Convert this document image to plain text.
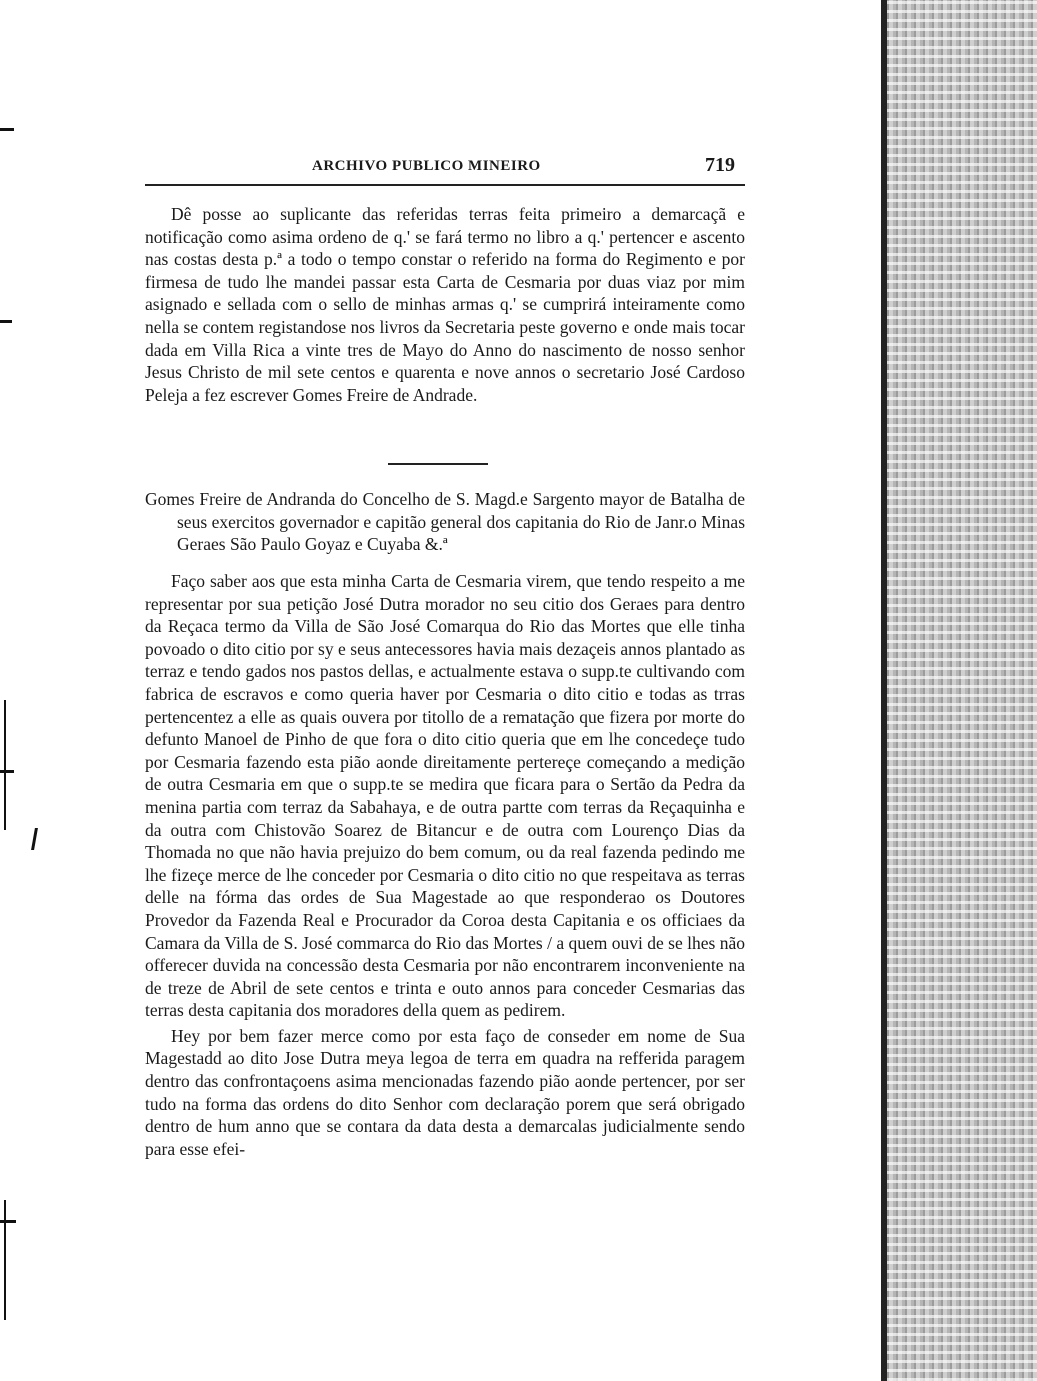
ARCHIVO PUBLICO MINEIRO	719

Dê posse ao suplicante das referidas terras feita primeiro a demarcaçã e notificação como asima ordeno de q.' se fará termo no libro a q.' pertencer e ascento nas costas desta p.ª a todo o tempo constar o referido na forma do Regimento e por firmesa de tudo lhe mandei passar esta Carta de Cesmaria por duas viaz por mim asignado e sellada com o sello de minhas armas q.' se cumprirá inteiramente como nella se contem registandose nos livros da Secretaria peste governo e onde mais tocar dada em Villa Rica a vinte tres de Mayo do Anno do nascimento de nosso senhor Jesus Christo de mil sete centos e quarenta e nove annos o secretario José Cardoso Peleja a fez escrever Gomes Freire de Andrade.

Gomes Freire de Andranda do Concelho de S. Magd.e Sargento mayor de Batalha de seus exercitos governador e capitão general dos capitania do Rio de Janr.o Minas Geraes São Paulo Goyaz e Cuyaba &.ª

Faço saber aos que esta minha Carta de Cesmaria virem, que tendo respeito a me representar por sua petição José Dutra morador no seu citio dos Geraes para dentro da Reçaca termo da Villa de São José Comarqua do Rio das Mortes que elle tinha povoado o dito citio por sy e seus antecessores havia mais dezaçeis annos plantado as terraz e tendo gados nos pastos dellas, e actualmente estava o supp.te cultivando com fabrica de escravos e como queria haver por Cesmaria o dito citio e todas as trras pertencentez a elle as quais ouvera por titollo de a rematação que fizera por morte do defunto Manoel de Pinho de que fora o dito citio queria que em lhe concedeçe tudo por Cesmaria fazendo esta pião aonde direitamente pertereçe começando a medição de outra Cesmaria em que o supp.te se medira que ficara para o Sertão da Pedra da menina partia com terraz da Sabahaya, e de outra partte com terras da Reçaquinha e da outra com Chistovão Soarez de Bitancur e de outra com Lourenço Dias da Thomada no que não havia prejuizo do bem comum, ou da real fazenda pedindo me lhe fizeçe merce de lhe conceder por Cesmaria o dito citio no que respeitava as terras delle na fórma das ordes de Sua Magestade ao que responderao os Doutores Provedor da Fazenda Real e Procurador da Coroa desta Capitania e os officiaes da Camara da Villa de S. José commarca do Rio das Mortes / a quem ouvi de se lhes não offerecer duvida na concessão desta Cesmaria por não encontrarem inconveniente na de treze de Abril de sete centos e trinta e outo annos para conceder Cesmarias das terras desta capitania dos moradores della quem as pedirem.

Hey por bem fazer merce como por esta faço de conseder em nome de Sua Magestadd ao dito Jose Dutra meya legoa de terra em quadra na refferida paragem dentro das confrontaçoens asima mencionadas fazendo pião aonde pertencer, por ser tudo na forma das ordens do dito Senhor com declaração porem que será obrigado dentro de hum anno que se contara da data desta a demarcalas judicialmente sendo para esse efei-
